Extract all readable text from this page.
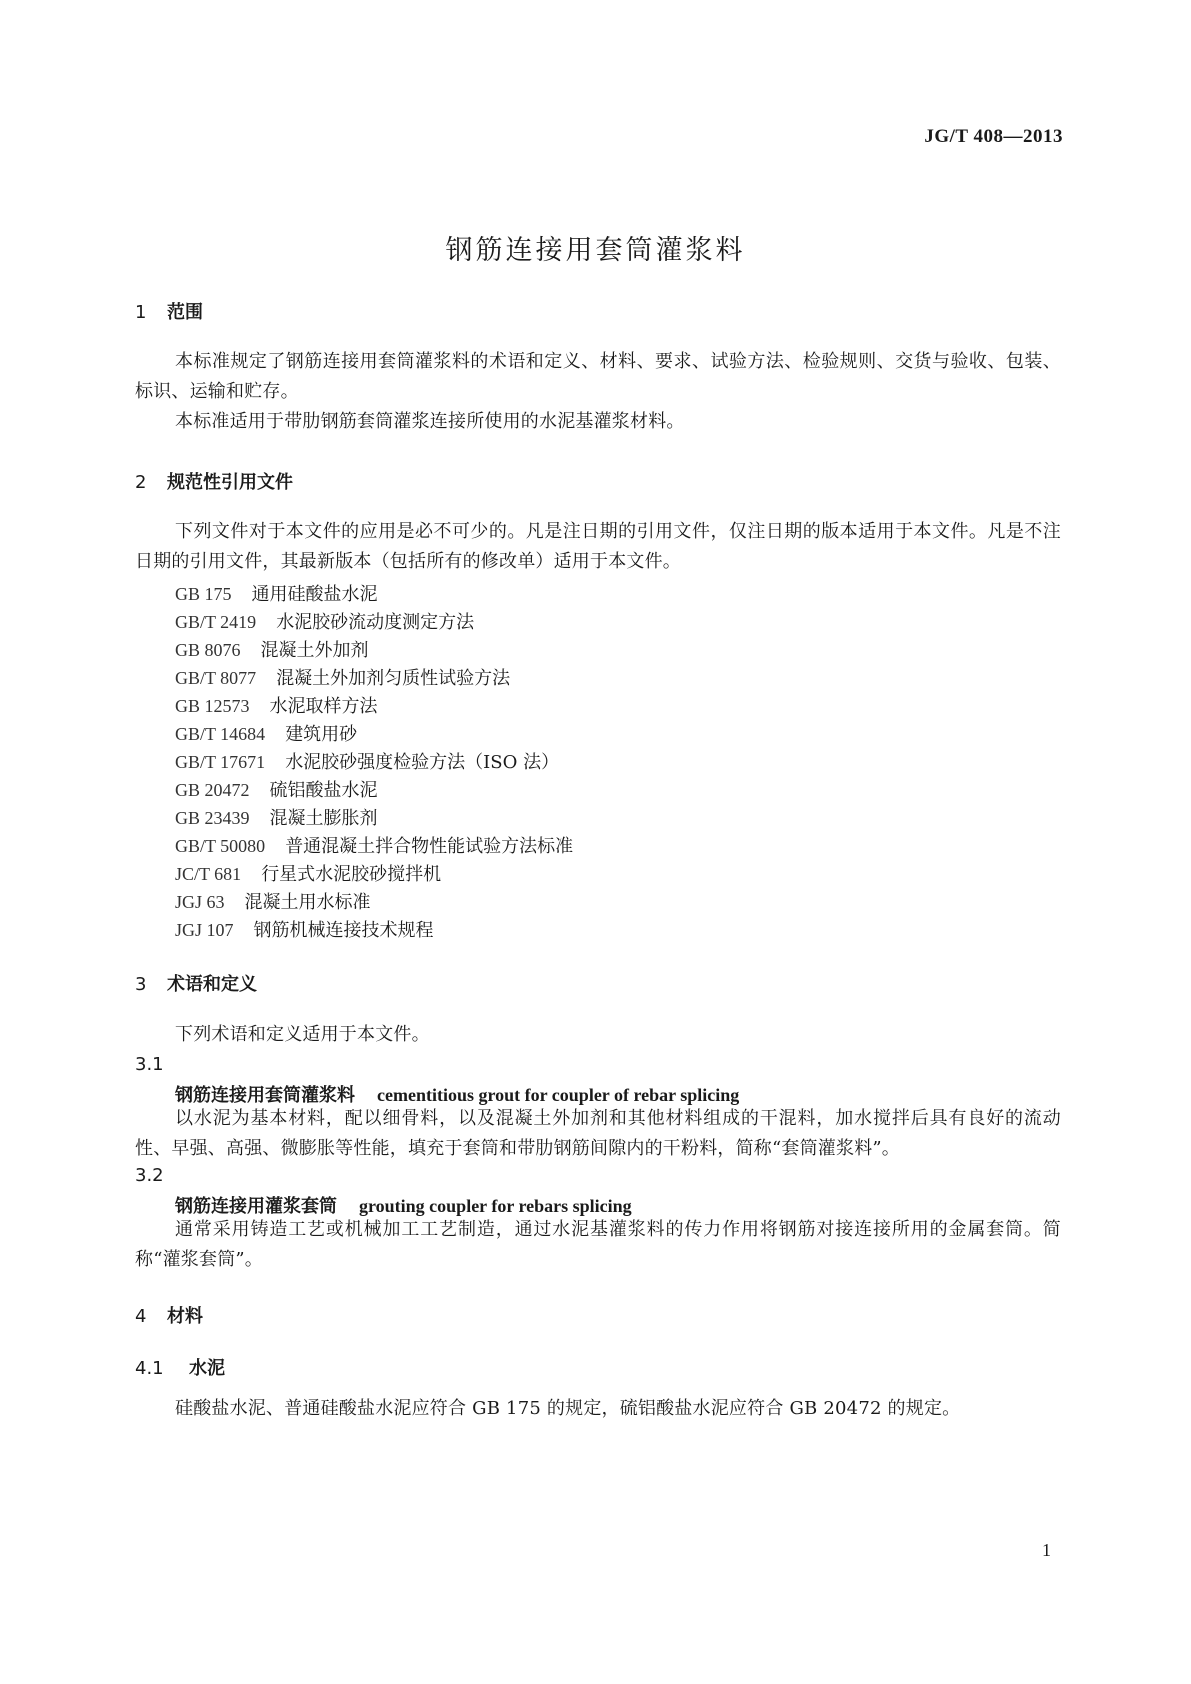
JG/T 408—2013
钢筋连接用套筒灌浆料
1 范围
本标准规定了钢筋连接用套筒灌浆料的术语和定义、材料、要求、试验方法、检验规则、交货与验收、包装、标识、运输和贮存。
本标准适用于带肋钢筋套筒灌浆连接所使用的水泥基灌浆材料。
2 规范性引用文件
下列文件对于本文件的应用是必不可少的。凡是注日期的引用文件，仅注日期的版本适用于本文件。凡是不注日期的引用文件，其最新版本（包括所有的修改单）适用于本文件。
GB 175 通用硅酸盐水泥
GB/T 2419 水泥胶砂流动度测定方法
GB 8076 混凝土外加剂
GB/T 8077 混凝土外加剂匀质性试验方法
GB 12573 水泥取样方法
GB/T 14684 建筑用砂
GB/T 17671 水泥胶砂强度检验方法（ISO 法）
GB 20472 硫铝酸盐水泥
GB 23439 混凝土膨胀剂
GB/T 50080 普通混凝土拌合物性能试验方法标准
JC/T 681 行星式水泥胶砂搅拌机
JGJ 63 混凝土用水标准
JGJ 107 钢筋机械连接技术规程
3 术语和定义
下列术语和定义适用于本文件。
3.1
钢筋连接用套筒灌浆料 cementitious grout for coupler of rebar splicing
以水泥为基本材料，配以细骨料，以及混凝土外加剂和其他材料组成的干混料，加水搅拌后具有良好的流动性、早强、高强、微膨胀等性能，填充于套筒和带肋钢筋间隙内的干粉料，简称“套筒灌浆料”。
3.2
钢筋连接用灌浆套筒 grouting coupler for rebars splicing
通常采用铸造工艺或机械加工工艺制造，通过水泥基灌浆料的传力作用将钢筋对接连接所用的金属套筒。简称“灌浆套筒”。
4 材料
4.1 水泥
硅酸盐水泥、普通硅酸盐水泥应符合 GB 175 的规定，硫铝酸盐水泥应符合 GB 20472 的规定。
1
